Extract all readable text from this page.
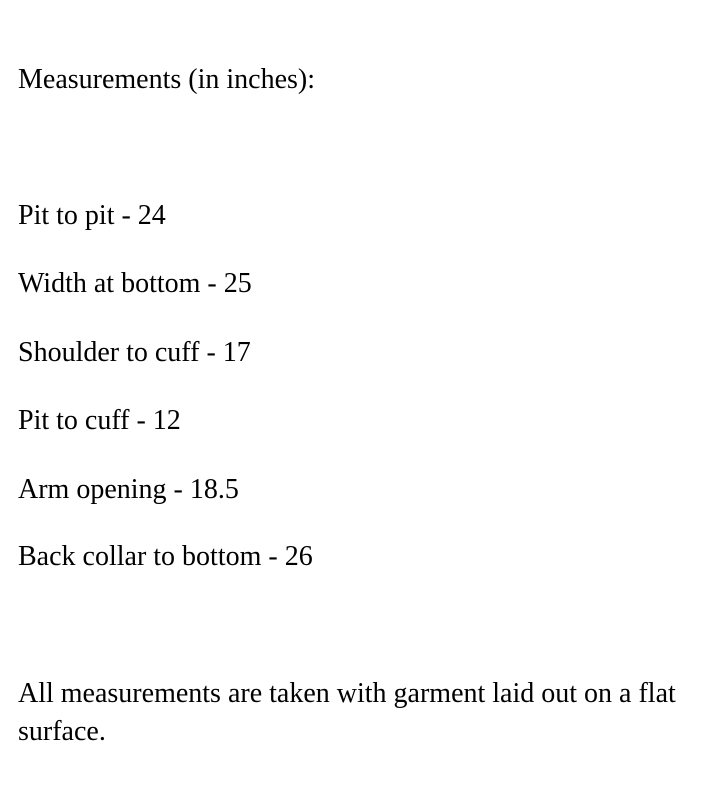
Measurements (in inches):
Pit to pit - 24
Width at bottom - 25
Shoulder to cuff - 17
Pit to cuff - 12
Arm opening - 18.5
Back collar to bottom - 26
All measurements are taken with garment laid out on a flat surface.
